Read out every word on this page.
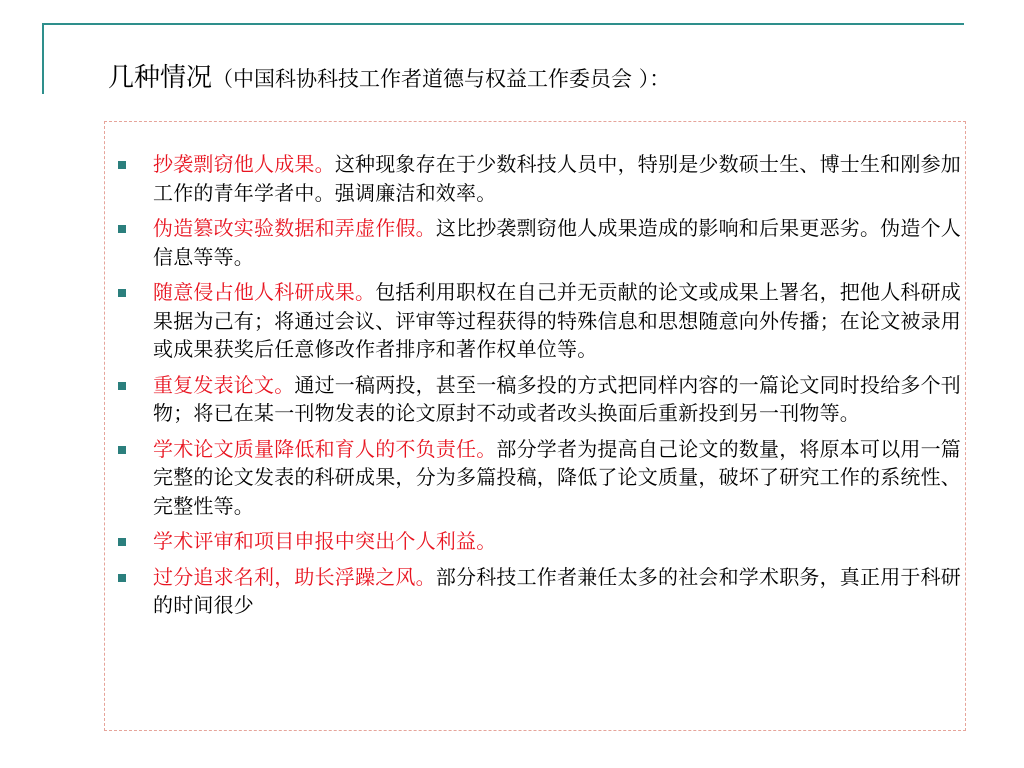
几种情况（中国科协科技工作者道德与权益工作委员会 ）：
抄袭剽窃他人成果。这种现象存在于少数科技人员中，特别是少数硕士生、博士生和刚参加工作的青年学者中。强调廉洁和效率。
伪造篡改实验数据和弄虚作假。这比抄袭剽窃他人成果造成的影响和后果更恶劣。伪造个人信息等等。
随意侵占他人科研成果。包括利用职权在自己并无贡献的论文或成果上署名，把他人科研成果据为己有；将通过会议、评审等过程获得的特殊信息和思想随意向外传播；在论文被录用或成果获奖后任意修改作者排序和著作权单位等。
重复发表论文。通过一稿两投，甚至一稿多投的方式把同样内容的一篇论文同时投给多个刊物；将已在某一刊物发表的论文原封不动或者改头换面后重新投到另一刊物等。
学术论文质量降低和育人的不负责任。部分学者为提高自己论文的数量，将原本可以用一篇完整的论文发表的科研成果，分为多篇投稿，降低了论文质量，破坏了研究工作的系统性、完整性等。
学术评审和项目申报中突出个人利益。
过分追求名利，助长浮躁之风。部分科技工作者兼任太多的社会和学术职务，真正用于科研的时间很少
